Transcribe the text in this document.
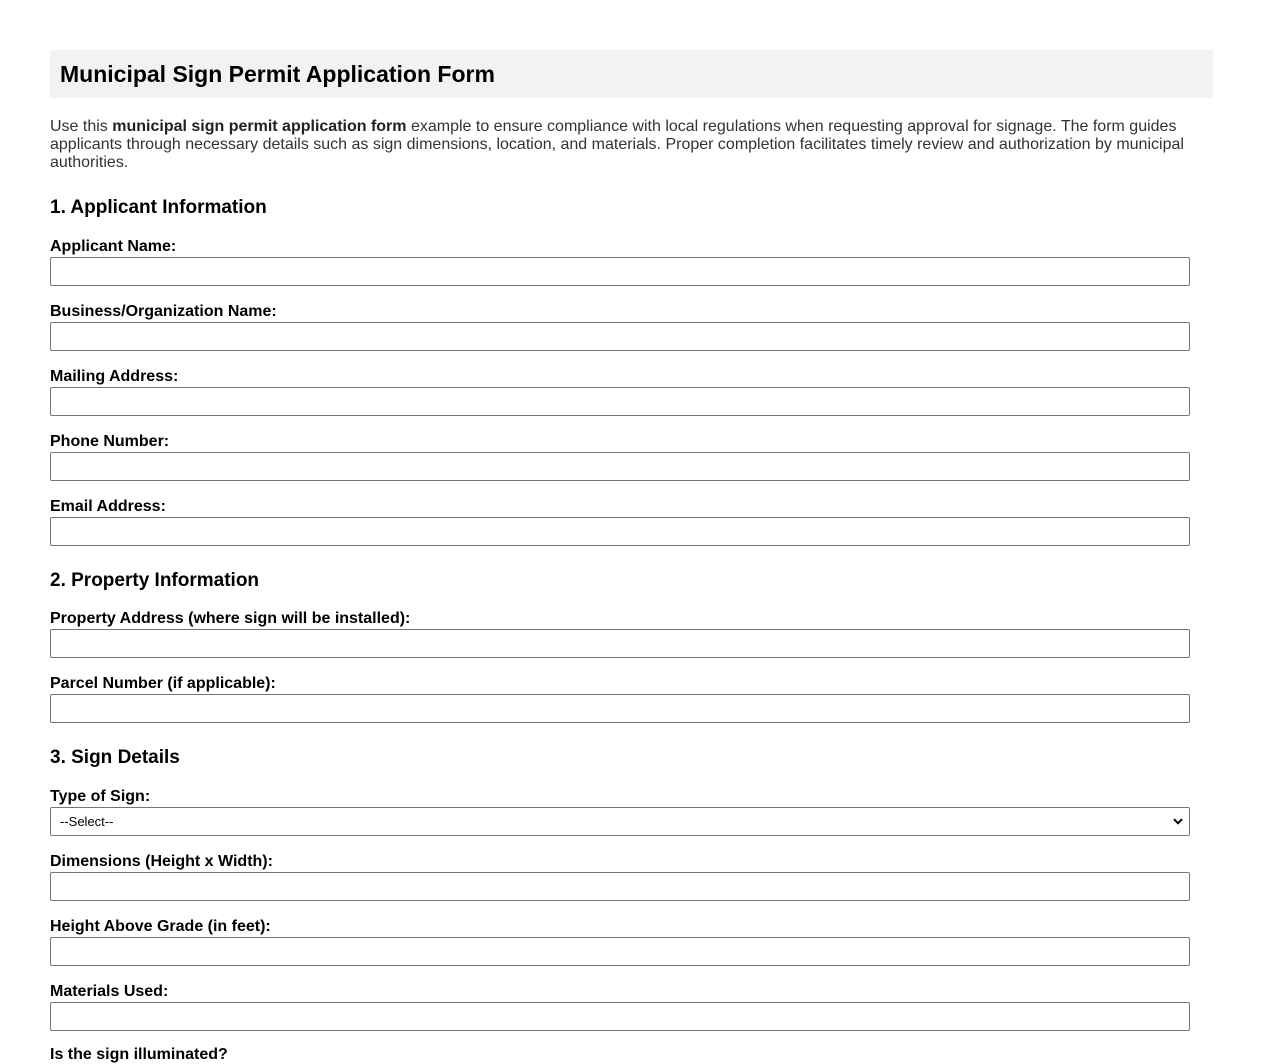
Municipal Sign Permit Application Form

Use this municipal sign permit application form example to ensure compliance with local regulations when requesting approval for signage. The form guides applicants through necessary details such as sign dimensions, location, and materials. Proper completion facilitates timely review and authorization by municipal authorities.

1. Applicant Information
Applicant Name:
Business/Organization Name:
Mailing Address:
Phone Number:
Email Address:
2. Property Information
Property Address (where sign will be installed):
Parcel Number (if applicable):
3. Sign Details
Type of Sign:
--Select--
Dimensions (Height x Width):
Height Above Grade (in feet):
Materials Used:
Is the sign illuminated?
